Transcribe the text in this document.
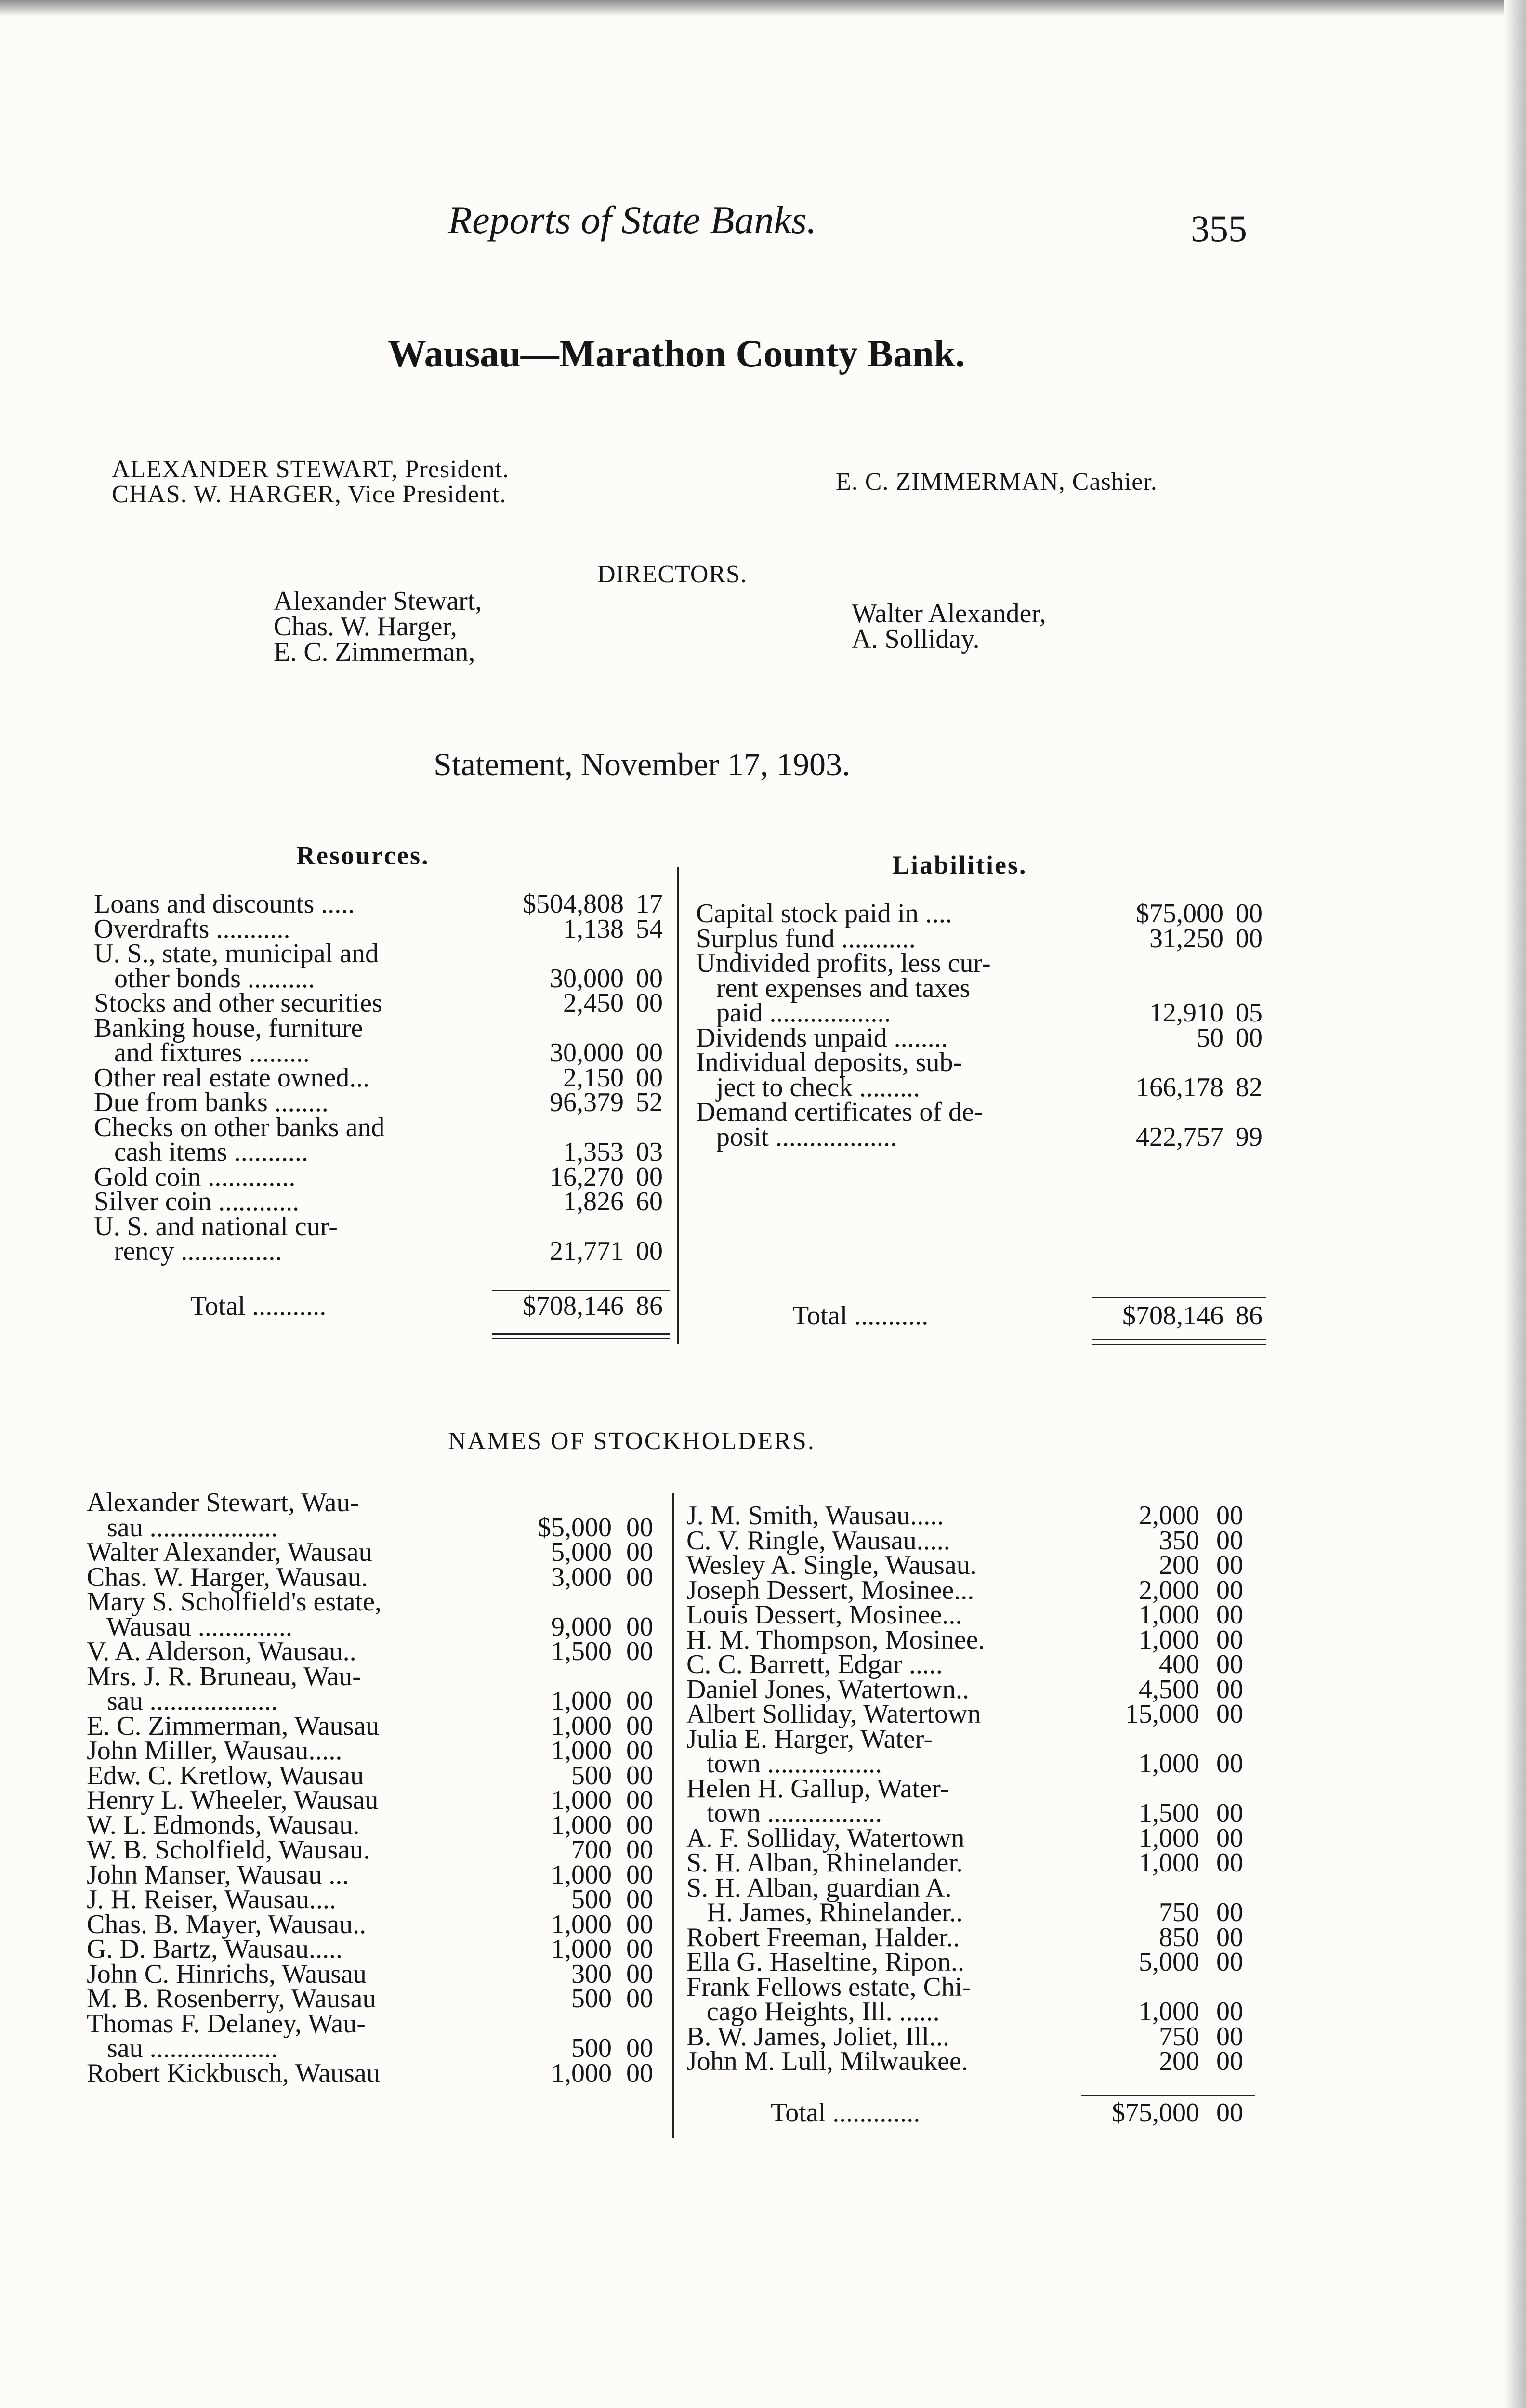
Reports of State Banks.	355
Wausau—Marathon County Bank.
ALEXANDER STEWART, President.
CHAS. W. HARGER, Vice President.	E. C. ZIMMERMAN, Cashier.
DIRECTORS.
Alexander Stewart,
Chas. W. Harger,
E. C. Zimmerman,
Walter Alexander,
A. Solliday.
Statement, November 17, 1903.
Resources.	Liabilities.
Loans and discounts .....	$504,808 17
Overdrafts ...........	1,138 54
U. S., state, municipal and
other bonds ..........	30,000 00
Stocks and other securities	2,450 00
Banking house, furniture
and fixtures .........	30,000 00
Other real estate owned...	2,150 00
Due from banks ........	96,379 52
Checks on other banks and
cash items ...........	1,353 03
Gold coin .............	16,270 00
Silver coin ............	1,826 60
U. S. and national cur-
rency ...............	21,771 00
Capital stock paid in ....	$75,000 00
Surplus fund ...........	31,250 00
Undivided profits, less cur-
rent expenses and taxes
paid ..................	12,910 05
Dividends unpaid ........	50 00
Individual deposits, sub-
ject to check .........	166,178 82
Demand certificates of de-
posit ..................	422,757 99
Total ...........	$708,146 86	Total ...........	$708,146 86
NAMES OF STOCKHOLDERS.
Alexander Stewart, Wau-
sau ...................	$5,000 00
Walter Alexander, Wausau	5,000 00
Chas. W. Harger, Wausau.	3,000 00
Mary S. Scholfield's estate,
Wausau ..............	9,000 00
V. A. Alderson, Wausau..	1,500 00
Mrs. J. R. Bruneau, Wau-
sau ...................	1,000 00
E. C. Zimmerman, Wausau	1,000 00
John Miller, Wausau.....	1,000 00
Edw. C. Kretlow, Wausau	500 00
Henry L. Wheeler, Wausau	1,000 00
W. L. Edmonds, Wausau.	1,000 00
W. B. Scholfield, Wausau.	700 00
John Manser, Wausau ...	1,000 00
J. H. Reiser, Wausau....	500 00
Chas. B. Mayer, Wausau..	1,000 00
G. D. Bartz, Wausau.....	1,000 00
John C. Hinrichs, Wausau	300 00
M. B. Rosenberry, Wausau	500 00
Thomas F. Delaney, Wau-
sau ...................	500 00
Robert Kickbusch, Wausau	1,000 00
J. M. Smith, Wausau.....	2,000 00
C. V. Ringle, Wausau.....	350 00
Wesley A. Single, Wausau.	200 00
Joseph Dessert, Mosinee...	2,000 00
Louis Dessert, Mosinee...	1,000 00
H. M. Thompson, Mosinee.	1,000 00
C. C. Barrett, Edgar .....	400 00
Daniel Jones, Watertown..	4,500 00
Albert Solliday, Watertown	15,000 00
Julia E. Harger, Water-
town .................	1,000 00
Helen H. Gallup, Water-
town .................	1,500 00
A. F. Solliday, Watertown	1,000 00
S. H. Alban, Rhinelander.	1,000 00
S. H. Alban, guardian A.
H. James, Rhinelander..	750 00
Robert Freeman, Halder..	850 00
Ella G. Haseltine, Ripon..	5,000 00
Frank Fellows estate, Chi-
cago Heights, Ill. ......	1,000 00
B. W. James, Joliet, Ill...	750 00
John M. Lull, Milwaukee.	200 00
Total .............	$75,000 00
